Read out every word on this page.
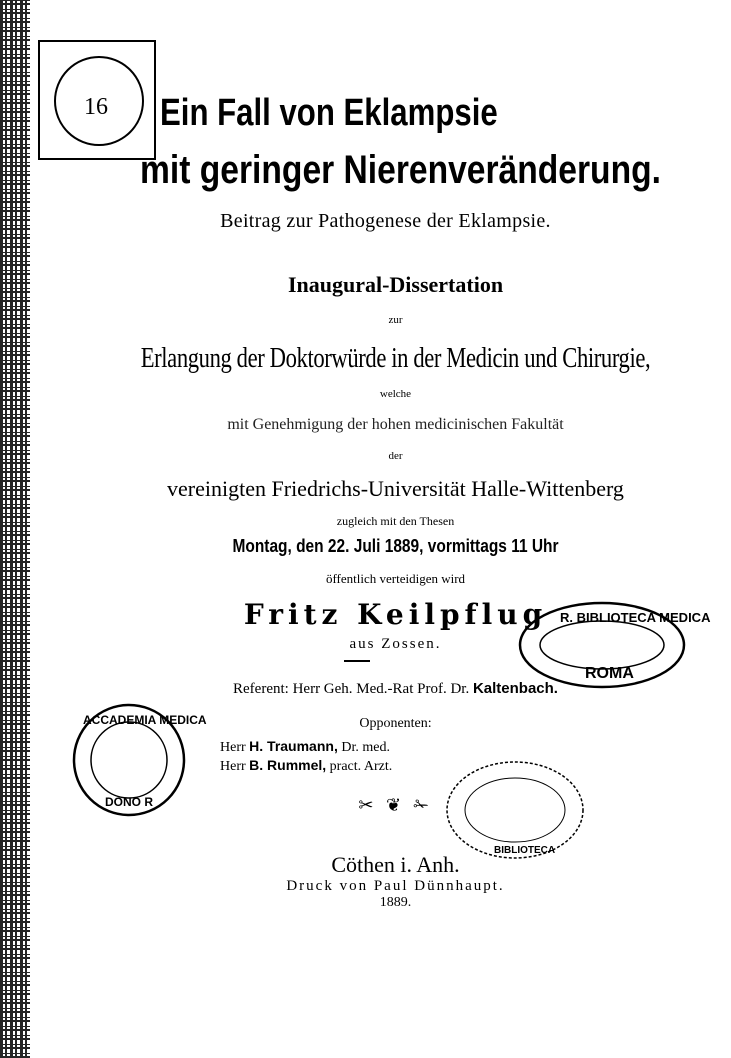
16
R. BIBLIOTECA MEDICA
ROMA
ACCADEMIA MEDICA
DONO R
BIBLIOTECA
Ein Fall von Eklampsie
mit geringer Nierenveränderung.
Beitrag zur Pathogenese der Eklampsie.
Inaugural-Dissertation
zur
Erlangung der Doktorwürde in der Medicin und Chirurgie,
welche
mit Genehmigung der hohen medicinischen Fakultät
der
vereinigten Friedrichs-Universität Halle-Wittenberg
zugleich mit den Thesen
Montag, den 22. Juli 1889, vormittags 11 Uhr
öffentlich verteidigen wird
Fritz Keilpflug
aus Zossen.
Referent: Herr Geh. Med.-Rat Prof. Dr. Kaltenbach.
Opponenten:
Herr H. Traumann, Dr. med.
Herr B. Rummel, pract. Arzt.
✂ ❦ ✁
Cöthen i. Anh.
Druck von Paul Dünnhaupt.
1889.
